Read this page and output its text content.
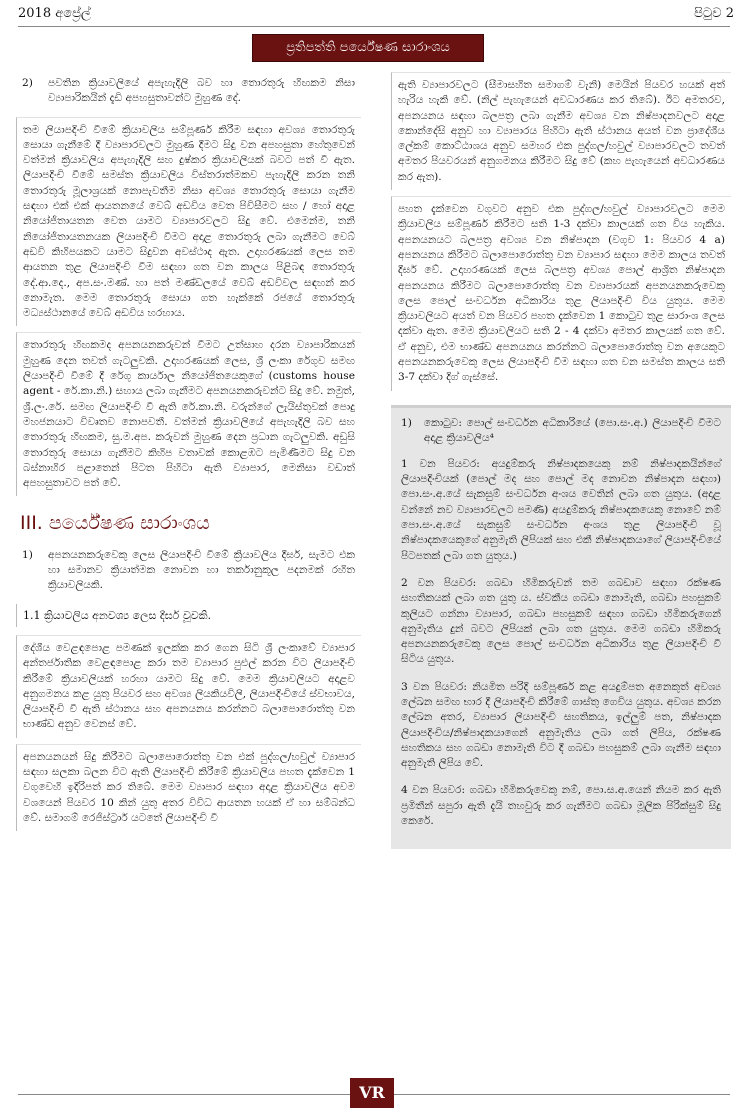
2018 අප්‍රේල්	පිටුව 2
ප්‍රතිපත්ති පර්යේෂණ සාරාංශය
2)	පවතින ක්‍රියාවලියේ අපැහැදිලි බව හා තොරතුරු හිඟකම නිසා ව්‍යාපාරිකයින් දැඩි අපහසුතාවන්ට මුහුණ දේ.

තම ලියාපදිංචි වීමේ ක්‍රියාවලිය සම්පූර්ණ කිරීම සඳහා අවශ්‍ය තොරතුරු සොයා ගැනීමේ දී ව්‍යාපාරවලට මුහුණ දීමට සිදු වන අපහසුතා හේතුවෙන් වත්මන් ක්‍රියාවලිය අපැහැදිලි සහ දුෂ්කර ක්‍රියාවලියක් බවට පත් වී ඇත. ලියාපදිංචි වීමේ සමස්ත ක්‍රියාවලිය විස්තරාත්මකව පැහැදිලි කරන තනි තොරතුරු මූලාශ්‍රයක් නොපැවතීම නිසා අවශ්‍ය තොරතුරු සොයා ගැනීම සඳහා එක් එක් ආයතනයේ වෙබ් අඩවිය වෙත පිවිසීමට සහ / හෝ අදාළ නියෝජිතායතන වෙත යාමට ව්‍යාපාරවලට සිදු වේ. එමෙන්ම, තනි නියෝජිතායතනයක ලියාපදිංචි වීමට අදාළ තොරතුරු ලබා ගැනීමට වෙබ් අඩවි කිහිපයකට යාමට සිදුවන අවස්ථාද ඇත. උදාහරණයක් ලෙස තම ආයතන තුළ ලියාපදිංචි වීම සඳහා ගත වන කාලය පිළිබඳ තොරතුරු දේ.ආ.දෙ., අප.සං.මණ්. හා පත් මණ්ඩලයේ වෙබ් අඩවිවල සඳහන් කර නොමැත. මෙම තොරතුරු සොයා ගත හැක්කේ රජයේ තොරතුරු මධ්‍යස්ථානයේ වෙබ් අඩවිය හරහාය.

තොරතුරු හිඟකමද අපනයනකරුවන් වීමට උත්සාහ දරන ව්‍යාපාරිකයන් මුහුණ දෙන තවත් ගැටලුවකි. උදාහරණයක් ලෙස, ශ්‍රී ලංකා රේගුව සමඟ ලියාපදිංචි වීමේ දී රේගු කාර්යාල නියෝජිතයෙකුගේ (customs house agent - රේ.කා.නි.) සහාය ලබා ගැනීමට අපනයනකරුවන්ට සිදු වේ. නමුත්, ශ්‍රී.ලං.රේ. සමඟ ලියාපදිංචි වී ඇති රේ.කා.නි. වරුන්ගේ ලැයිස්තුවක් පොදු මහජනයාට විවෘතව නොපවතී. වත්මන් ක්‍රියාවලියේ අපැහැදිලි බව සහ තොරතුරු හිඟකම, සු.ම.අප. කරුවන් මුහුණ දෙන ප්‍රධාන ගැටලුවකි. අඩුසි තොරතුරු සොයා ගැනීමට කිහිප වතාවක් කොළඹට පැමිණීමට සිදු වන බස්නාහිර පළාතෙන් පිටත පිහිටා ඇති ව්‍යාපාර, මෙනිසා වඩාත් අපහසුතාවට පත් වේ.

III. පර්යේෂණ සාරාංශය
1)	අපනයනකරුවෙකු ලෙස ලියාපදිංචි වීමේ ක්‍රියාවලිය දීර්ඝ, සැමට එක හා සමානව ක්‍රියාත්මක නොවන හා තර්කානුකූල පදනමක් රහිත ක්‍රියාවලියකි.
1.1 ක්‍රියාවලිය අනවශ්‍ය ලෙස දීර්ඝ වූවකි.

දේශීය වෙළඳපොළ පමණක් ඉලක්ක කර ගෙන සිටි ශ්‍රී ලංකාවේ ව්‍යාපාර අන්තර්ජාතික වෙළඳපොළ කරා තම ව්‍යාපාර පුළුල් කරන විට ලියාපදිංචි කිරීමේ ක්‍රියාවලියක් හරහා යාමට සිදු වේ. මෙම ක්‍රියාවලියට අදාළව අනුගමනය කළ යුතු පියවර සහ අවශ්‍ය ලියකියවිලි, ලියාපදිංචියේ ස්වභාවය, ලියාපදිංචි වී ඇති ස්ථානය සහ අපනයනය කරන්නට බලාපොරොත්තු වන භාණ්ඩ අනුව වෙනස් වේ.

අපනයනයන් සිදු කිරීමට බලාපොරොත්තු වන එක් පුද්ගල/හවුල් ව්‍යාපාර සඳහා සලකා බලන විට ඇති ලියාපදිංචි කිරීමේ ක්‍රියාවලිය පහත දැක්වෙන 1 වගුවෙහි ඉදිරිපත් කර තිබේ. මෙම ව්‍යාපාර සඳහා අදාළ ක්‍රියාවලිය අවම වශයෙන් පියවර 10 කින් යුතු අතර විවිධ ආයතන හයක් ඒ හා සම්බන්ධ වේ. සමාගම් රෙජිස්ට්‍රාර් යටතේ ලියාපදිංචි වී

ඇති ව්‍යාපාරවලට (සීමාසහිත සමාගම් වැනි) මෙයින් පියවර හයක් අත් හැරිය හැකි වේ. (නිල් පැහැයෙන් අවධාරණය කර තිබේ). ඊට අමතරව, අපනයනය සඳහා බලපත්‍ර ලබා ගැනීම අවශ්‍ය වන නිෂ්පාදනවලට අදාළ කොන්දේසි අනුව හා ව්‍යාපාරය පිහිටා ඇති ස්ථානය අයත් වන ප්‍රාදේශීය ලේකම් කොට්ඨාශය අනුව සමහර එක පුද්ගල/හවුල් ව්‍යාපාරවලට තවත් අමතර පියවරයන් අනුගමනය කිරීමට සිදු වේ (කහ පැහැයෙන් අවධාරණය කර ඇත).

පහත දැක්වෙන වගුවට අනුව එක පුද්ගල/හවුල් ව්‍යාපාරවලට මෙම ක්‍රියාවලිය සම්පූර්ණ කිරීමට සති 1-3 දක්වා කාලයක් ගත විය හැකිය. අපනයනයට බලපත්‍ර අවශ්‍ය වන නිෂ්පාදන (වගුව 1: පියවර 4 a) අපනයනය කිරීමට බලාපොරොත්තු වන ව්‍යාපාර සඳහා මෙම කාලය තවත් දීර්ඝ වේ. උදාහරණයක් ලෙස බලපත්‍ර අවශ්‍ය පොල් ආශ්‍රිත නිෂ්පාදන අපනයනය කිරීමට බලාපොරොත්තු වන ව්‍යාපාරයක් අපනයනකරුවෙකු ලෙස පොල් සංවර්ධන අධිකාරිය තුළ ලියාපදිංචි විය යුතුය. මෙම ක්‍රියාවලියට අයත් වන පියවර පහත දැක්වෙන 1 කොටුව තුළ සාරාංශ ලෙස දක්වා ඇත. මෙම ක්‍රියාවලියට සති 2 - 4 දක්වා අමතර කාලයක් ගත වේ. ඒ අනුව, එම භාණ්ඩ අපනයනය කරන්නට බලාපොරොත්තු වන අයෙකුට අපනයනකරුවෙකු ලෙස ලියාපදිංචි වීම සඳහා ගත වන සමස්ත කාලය සති 3-7 දක්වා දිග් ගැස්සේ.

1) කොටුව: පොල් සංවර්ධන අධිකාරියේ (පො.සං.අ.) ලියාපදිංචි වීමට අදාළ ක්‍රියාවලිය⁴

1 වන පියවර: අයදුම්කරු නිෂ්පාදකයෙකු නම් නිෂ්පාදකයින්ගේ ලියාපදිංචියක් (පොල් මද සහ පොල් මද නොවන නිෂ්පාදන සඳහා) පො.සං.අ.යේ සැකසුම් සංවර්ධන අංශය වෙතින් ලබා ගත යුතුය. (අදාළ වන්නේ නව ව්‍යාපාරවලට පමණි) අයදුම්කරු නිෂ්පාදකයෙකු නොවේ නම් පො.සං.අ.යේ සැකසුම් සංවර්ධන අංශය තුළ ලියාපදිංචි වූ නිෂ්පාදකයෙකුගේ අනුමැති ලිපියක් සහ එකී නිෂ්පාදකයාගේ ලියාපදිංචියේ පිටපතක් ලබා ගත යුතුය.)

2 වන පියවර: ගබඩා හිමිකරුවන් තම ගබඩාව සඳහා රක්ෂණ සහතිකයක් ලබා ගත යුතු ය. ස්වකීය ගබඩා නොමැති, ගබඩා පහසුකම් කුලියට ගන්නා ව්‍යාපාර, ගබඩා පහසුකම් සඳහා ගබඩා හිමිකරුගෙන් අනුමැතිය දුන් බවට ලිපියක් ලබා ගත යුතුය. මෙම ගබඩා හිමිකරු අපනයනකරුවෙකු ලෙස පොල් සංවර්ධන අධිකාරිය තුළ ලියාපදිංචි වී සිටිය යුතුය.

3 වන පියවර: නියමිත පරිදි සම්පූර්ණ කළ අයදුම්පත අනෙකුත් අවශ්‍ය ලේඛන සමඟ භාර දී ලියාපදිංචි කිරීමේ ගාස්තු ගෙවිය යුතුය. අවශ්‍ය කරන ලේඛන අතර, ව්‍යාපාර ලියාපදිංචි සහතිකය, ඉල්ලුම් පත, නිෂ්පාදක ලියාපදිංචිය/නිෂ්පාදකයාගෙන් අනුමැතිය ලබා ගත් ලිපිය, රක්ෂණ සහතිකය සහ ගබඩා නොමැති විට දී ගබඩා පහසුකම් ලබා ගැනීම සඳහා අනුමැති ලිපිය වේ.

4 වන පියවර: ගබඩා හිමිකරුවෙකු නම්, පො.ස.අ.යෙන් නියම කර ඇති ප්‍රමිතීන් සපුරා ඇති දැයි තහවුරු කර ගැනීමට ගබඩා මූලික පිරික්සුම් සිදු කෙරේ.

VR
